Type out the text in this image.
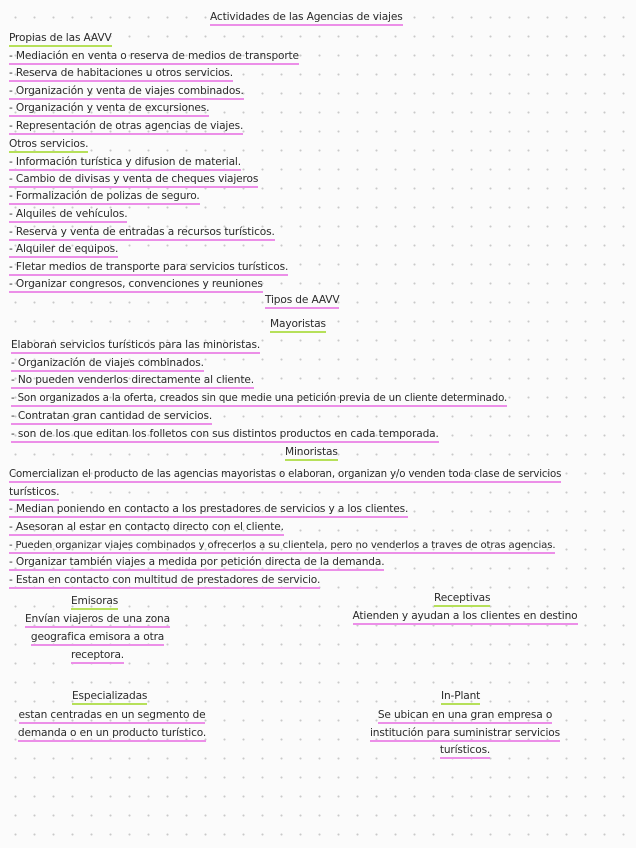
Actividades de las Agencias de viajes
Propias de las AAVV
- Mediación en venta o reserva de medios de transporte
- Reserva de habitaciones u otros servicios.
- Organización y venta de viajes combinados.
- Organización y venta de excursiones.
- Representación de otras agencias de viajes.
Otros servicios.
- Información turística y difusion de material.
- Cambio de divisas y venta de cheques viajeros
- Formalización de polizas de seguro.
- Alquiles de vehículos.
- Reserva y venta de entradas a recursos turísticos.
- Alquiler de equipos.
- Fletar medios de transporte para servicios turísticos.
- Organizar congresos, convenciones y reuniones
Tipos de AAVV
Mayoristas
Elaboran servicios turísticos para las minoristas.
- Organización de viajes combinados.
- No pueden venderlos directamente al cliente.
- Son organizados a la oferta, creados sin que medie una petición previa de un cliente determinado.
- Contratan gran cantidad de servicios.
- son de los que editan los folletos con sus distintos productos en cada temporada.
Minoristas
Comercializan el producto de las agencias mayoristas o elaboran, organizan y/o venden toda clase de servicios
turísticos.
- Median poniendo en contacto a los prestadores de servicios y a los clientes.
- Asesoran al estar en contacto directo con el cliente.
- Pueden organizar viajes combinados y ofrecerlos a su clientela, pero no venderlos a traves de otras agencias.
- Organizar también viajes a medida por petición directa de la demanda.
- Estan en contacto con multitud de prestadores de servicio.
Emisoras
Envían viajeros de una zona
geografica emisora a otra
receptora.
Receptivas
Atienden y ayudan a los clientes en destino
Especializadas
estan centradas en un segmento de
demanda o en un producto turístico.
In-Plant
Se ubican en una gran empresa o
institución para suministrar servicios
turísticos.
